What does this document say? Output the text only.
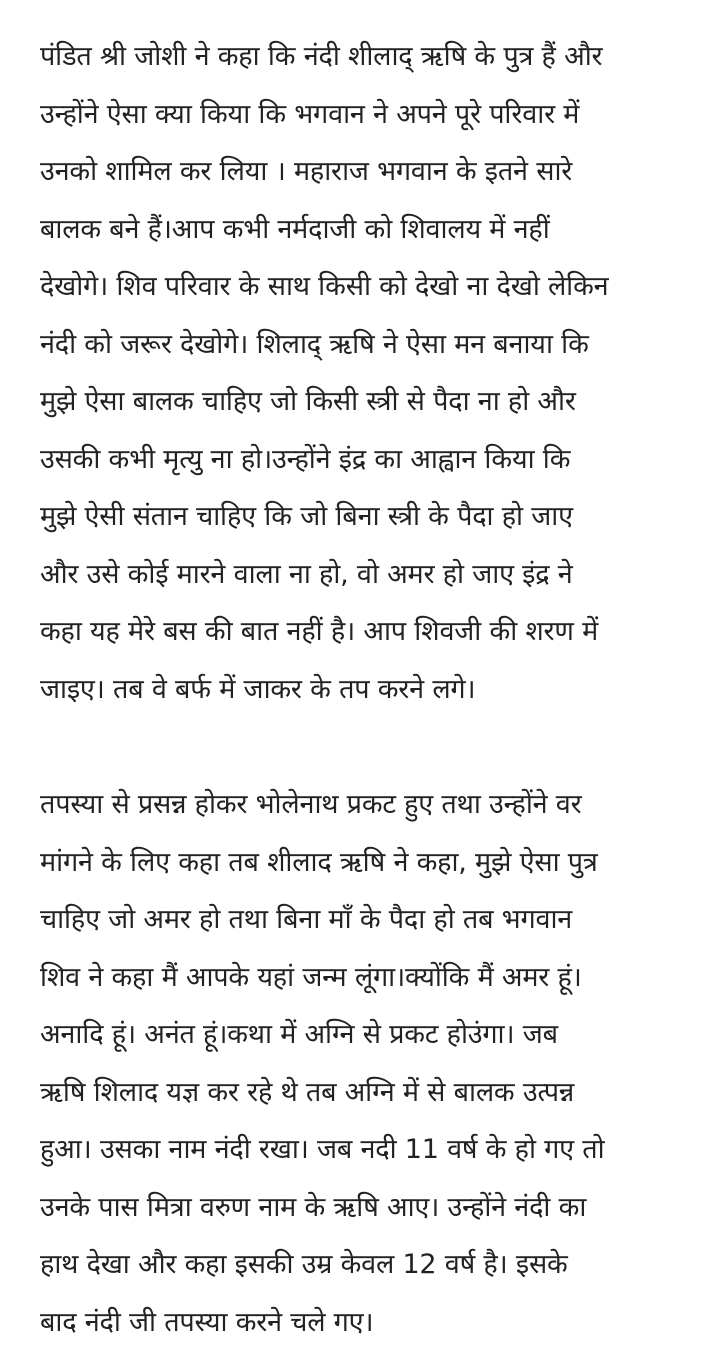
पंडित श्री जोशी ने कहा कि नंदी शीलाद् ऋषि के पुत्र हैं और
उन्होंने ऐसा क्या किया कि भगवान ने अपने पूरे परिवार में
उनको शामिल कर लिया । महाराज भगवान के इतने सारे
बालक बने हैं।आप कभी नर्मदाजी को शिवालय में नहीं
देखोगे। शिव परिवार के साथ किसी को देखो ना देखो लेकिन
नंदी को जरूर देखोगे। शिलाद् ऋषि ने ऐसा मन बनाया कि
मुझे ऐसा बालक चाहिए जो किसी स्त्री से पैदा ना हो और
उसकी कभी मृत्यु ना हो।उन्होंने इंद्र का आह्वान किया कि
मुझे ऐसी संतान चाहिए कि जो बिना स्त्री के पैदा हो जाए
और उसे कोई मारने वाला ना हो, वो अमर हो जाए इंद्र ने
कहा यह मेरे बस की बात नहीं है। आप शिवजी की शरण में
जाइए। तब वे बर्फ में जाकर के तप करने लगे।

तपस्या से प्रसन्न होकर भोलेनाथ प्रकट हुए तथा उन्होंने वर
मांगने के लिए कहा तब शीलाद ऋषि ने कहा, मुझे ऐसा पुत्र
चाहिए जो अमर हो तथा बिना माँ के पैदा हो तब भगवान
शिव ने कहा मैं आपके यहां जन्म लूंगा।क्योंकि मैं अमर हूं।
अनादि हूं। अनंत हूं।कथा में अग्नि से प्रकट होउंगा। जब
ऋषि शिलाद यज्ञ कर रहे थे तब अग्नि में से बालक उत्पन्न
हुआ। उसका नाम नंदी रखा। जब नदी 11 वर्ष के हो गए तो
उनके पास मित्रा वरुण नाम के ऋषि आए। उन्होंने नंदी का
हाथ देखा और कहा इसकी उम्र केवल 12 वर्ष है। इसके
बाद नंदी जी तपस्या करने चले गए।
